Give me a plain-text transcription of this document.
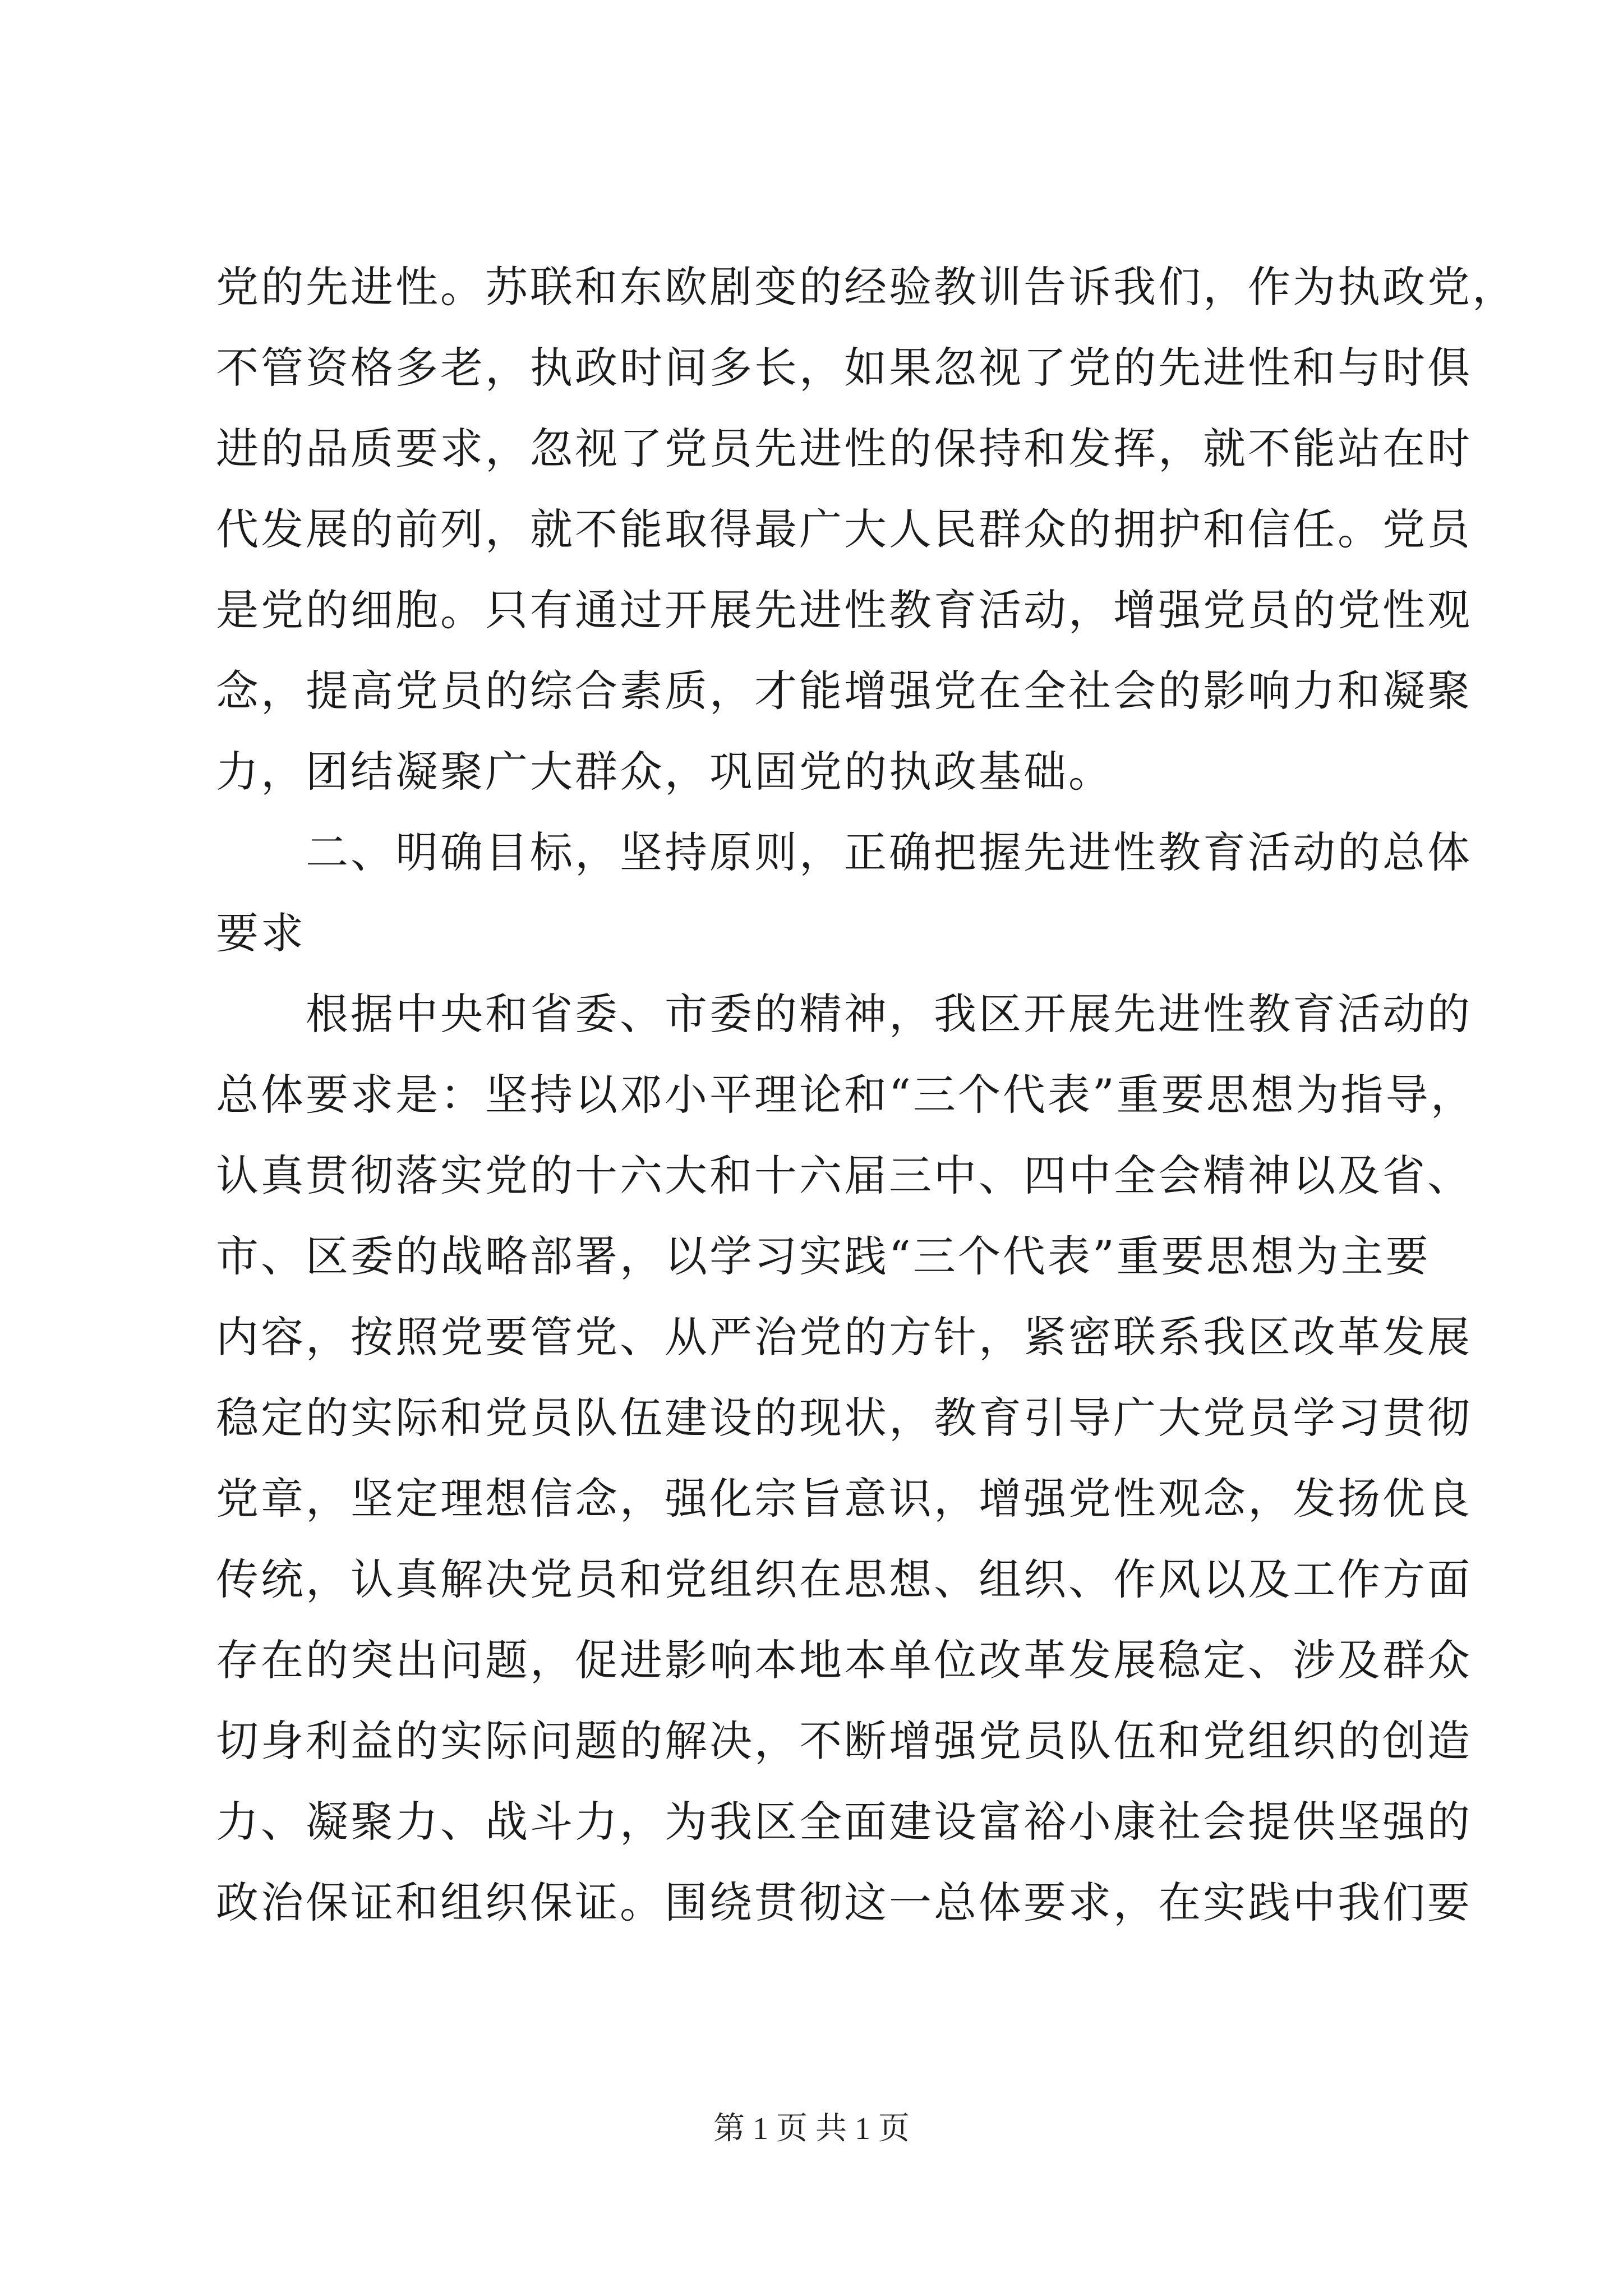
党的先进性。苏联和东欧剧变的经验教训告诉我们，作为执政党，
不管资格多老，执政时间多长，如果忽视了党的先进性和与时俱
进的品质要求，忽视了党员先进性的保持和发挥，就不能站在时
代发展的前列，就不能取得最广大人民群众的拥护和信任。党员
是党的细胞。只有通过开展先进性教育活动，增强党员的党性观
念，提高党员的综合素质，才能增强党在全社会的影响力和凝聚
力，团结凝聚广大群众，巩固党的执政基础。
二、明确目标，坚持原则，正确把握先进性教育活动的总体
要求
根据中央和省委、市委的精神，我区开展先进性教育活动的
总体要求是：坚持以邓小平理论和“三个代表”重要思想为指导，
认真贯彻落实党的十六大和十六届三中、四中全会精神以及省、
市、区委的战略部署，以学习实践“三个代表”重要思想为主要
内容，按照党要管党、从严治党的方针，紧密联系我区改革发展
稳定的实际和党员队伍建设的现状，教育引导广大党员学习贯彻
党章，坚定理想信念，强化宗旨意识，增强党性观念，发扬优良
传统，认真解决党员和党组织在思想、组织、作风以及工作方面
存在的突出问题，促进影响本地本单位改革发展稳定、涉及群众
切身利益的实际问题的解决，不断增强党员队伍和党组织的创造
力、凝聚力、战斗力，为我区全面建设富裕小康社会提供坚强的
政治保证和组织保证。围绕贯彻这一总体要求，在实践中我们要
第 1 页 共 1 页
